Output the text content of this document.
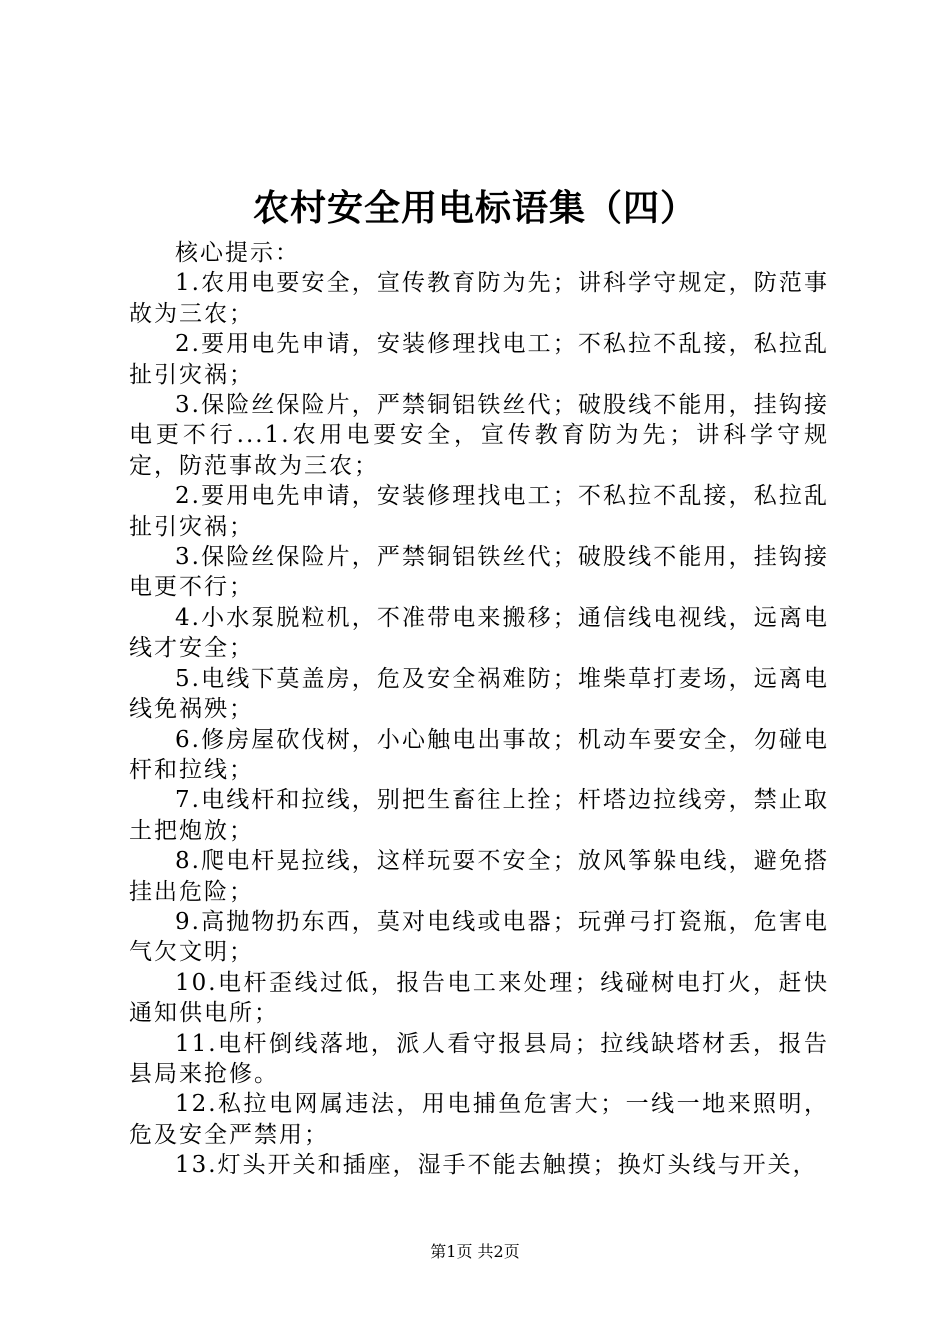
农村安全用电标语集（四）

核心提示：

1.农用电要安全，宣传教育防为先；讲科学守规定，防范事故为三农；

2.要用电先申请，安装修理找电工；不私拉不乱接，私拉乱扯引灾祸；

3.保险丝保险片，严禁铜铝铁丝代；破股线不能用，挂钩接电更不行...1.农用电要安全，宣传教育防为先；讲科学守规定，防范事故为三农；

2.要用电先申请，安装修理找电工；不私拉不乱接，私拉乱扯引灾祸；

3.保险丝保险片，严禁铜铝铁丝代；破股线不能用，挂钩接电更不行；

4.小水泵脱粒机，不准带电来搬移；通信线电视线，远离电线才安全；

5.电线下莫盖房，危及安全祸难防；堆柴草打麦场，远离电线免祸殃；

6.修房屋砍伐树，小心触电出事故；机动车要安全，勿碰电杆和拉线；

7.电线杆和拉线，别把生畜往上拴；杆塔边拉线旁，禁止取土把炮放；

8.爬电杆晃拉线，这样玩耍不安全；放风筝躲电线，避免搭挂出危险；

9.高抛物扔东西，莫对电线或电器；玩弹弓打瓷瓶，危害电气欠文明；

10.电杆歪线过低，报告电工来处理；线碰树电打火，赶快通知供电所；

11.电杆倒线落地，派人看守报县局；拉线缺塔材丢，报告县局来抢修。

12.私拉电网属违法，用电捕鱼危害大；一线一地来照明，危及安全严禁用；

13.灯头开关和插座，湿手不能去触摸；换灯头线与开关，

第1页 共2页
